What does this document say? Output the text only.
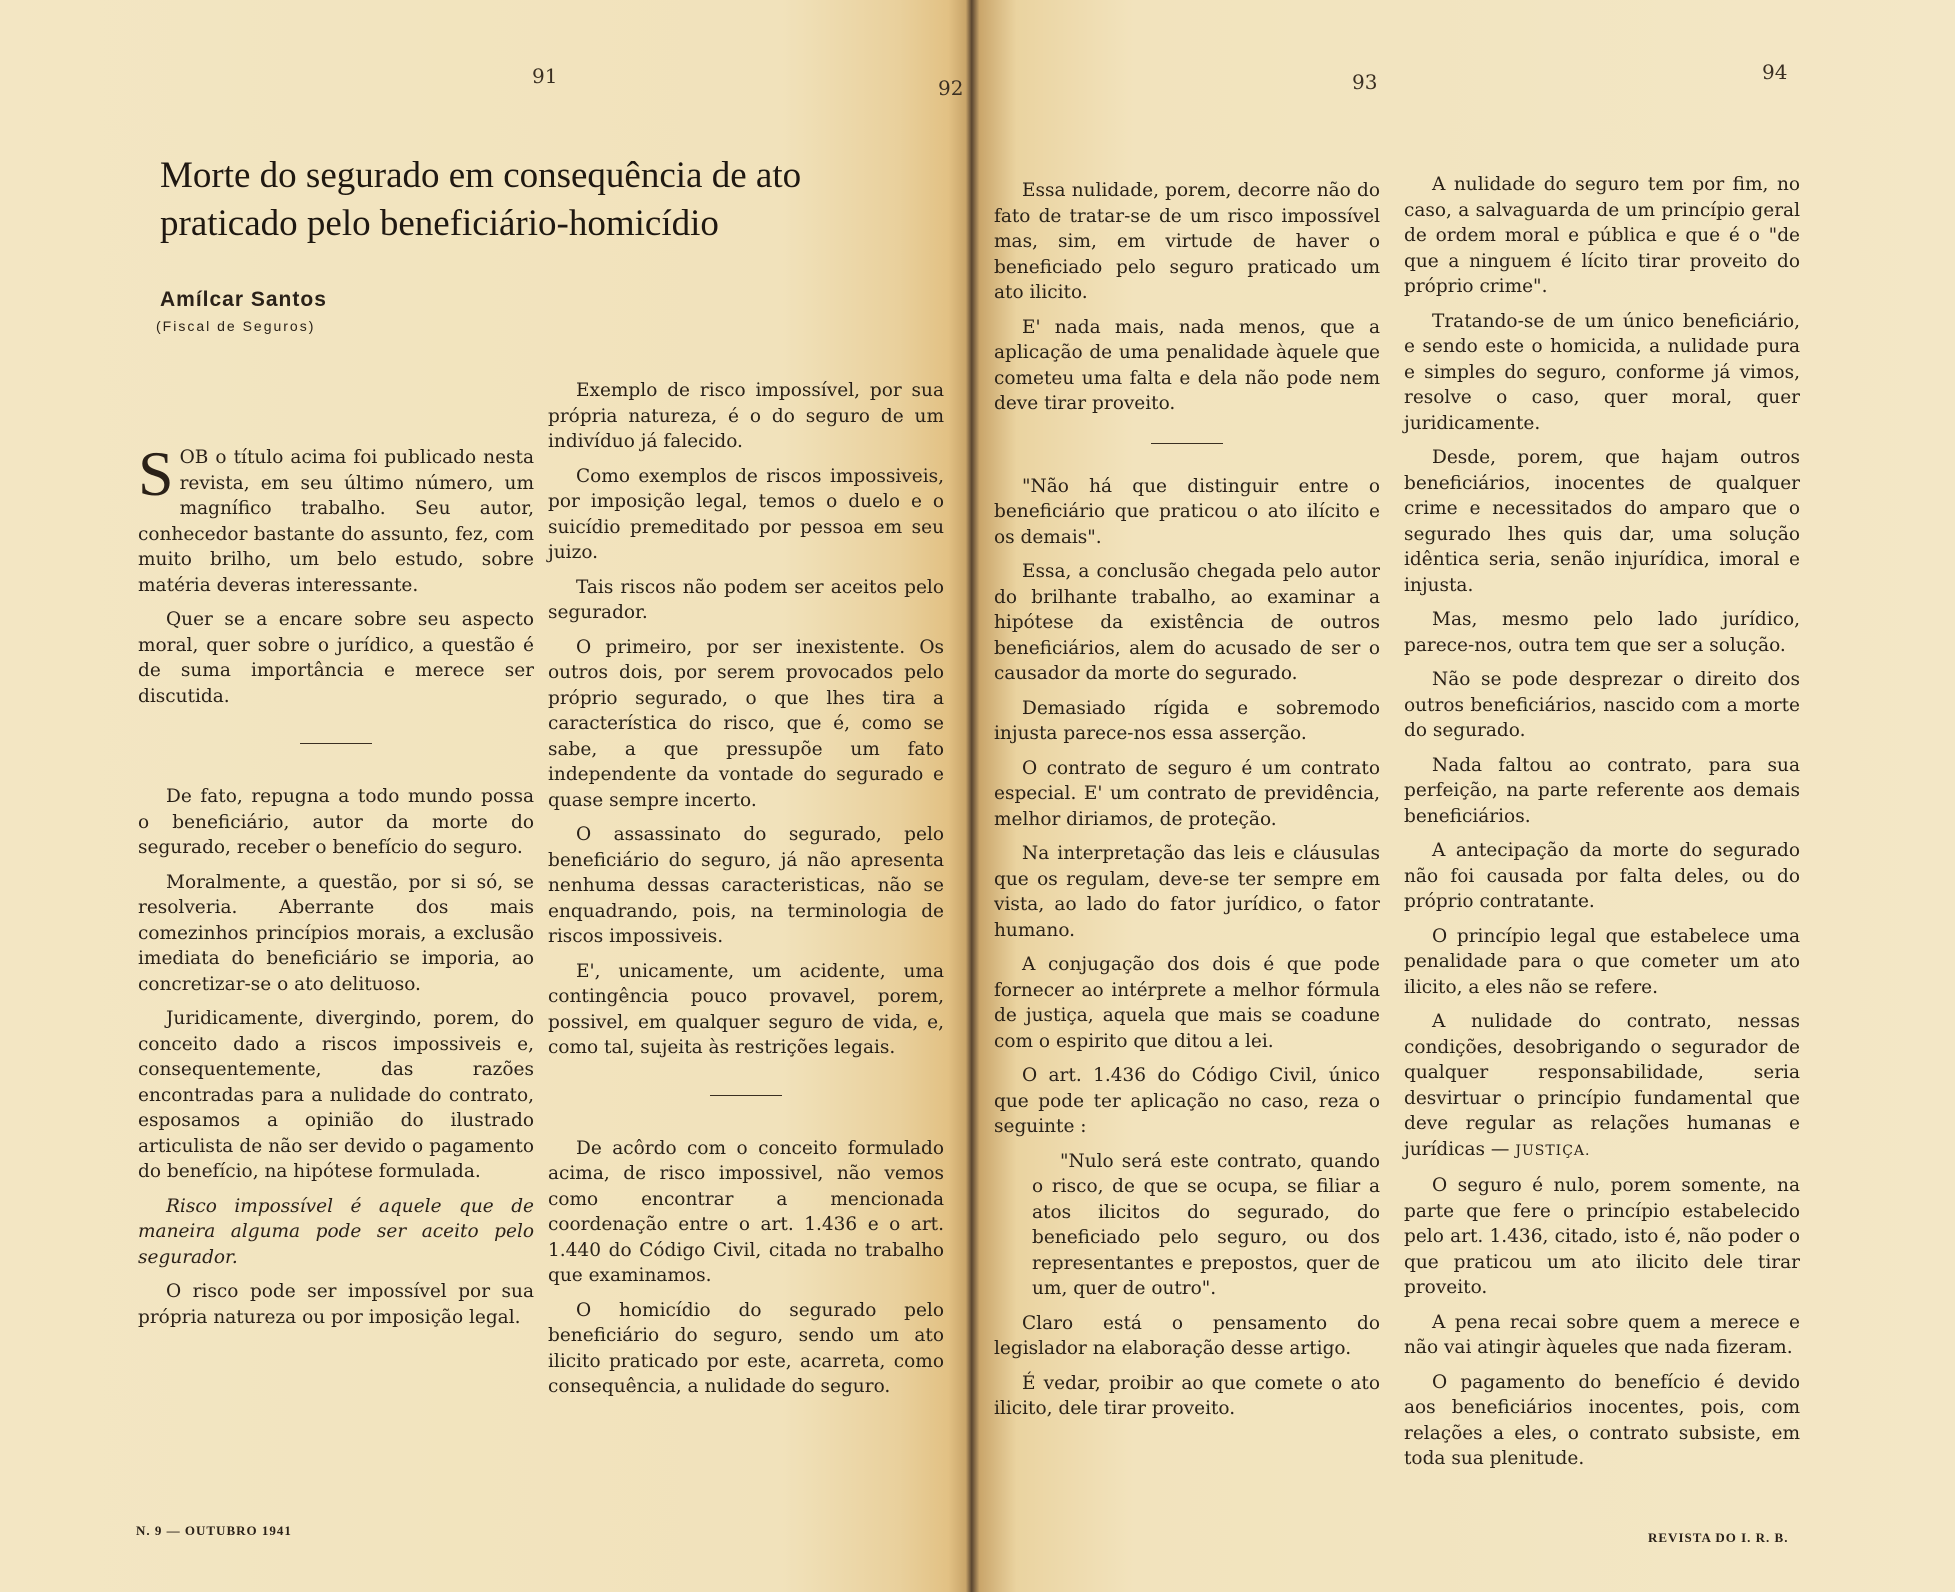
91	92	93	94
Morte do segurado em consequência de ato praticado pelo beneficiário-homicídio
Amílcar Santos
(Fiscal de Seguros)

SOB o título acima foi publicado nesta revista, em seu último número, um magnífico trabalho. Seu autor, conhecedor bastante do assunto, fez, com muito brilho, um belo estudo, sobre matéria deveras interessante.

Quer se a encare sobre seu aspecto moral, quer sobre o jurídico, a questão é de suma importância e merece ser discutida.

De fato, repugna a todo mundo possa o beneficiário, autor da morte do segurado, receber o benefício do seguro.

Moralmente, a questão, por si só, se resolveria. Aberrante dos mais comezinhos princípios morais, a exclusão imediata do beneficiário se imporia, ao concretizar-se o ato delituoso.

Juridicamente, divergindo, porem, do conceito dado a riscos impossiveis e, consequentemente, das razões encontradas para a nulidade do contrato, esposamos a opinião do ilustrado articulista de não ser devido o pagamento do benefício, na hipótese formulada.

Risco impossível é aquele que de maneira alguma pode ser aceito pelo segurador.

O risco pode ser impossível por sua própria natureza ou por imposição legal.

Exemplo de risco impossível, por sua própria natureza, é o do seguro de um indivíduo já falecido.

Como exemplos de riscos impossiveis, por imposição legal, temos o duelo e o suicídio premeditado por pessoa em seu juizo.

Tais riscos não podem ser aceitos pelo segurador.

O primeiro, por ser inexistente. Os outros dois, por serem provocados pelo próprio segurado, o que lhes tira a característica do risco, que é, como se sabe, a que pressupõe um fato independente da vontade do segurado e quase sempre incerto.

O assassinato do segurado, pelo beneficiário do seguro, já não apresenta nenhuma dessas caracteristicas, não se enquadrando, pois, na terminologia de riscos impossiveis.

E', unicamente, um acidente, uma contingência pouco provavel, porem, possivel, em qualquer seguro de vida, e, como tal, sujeita às restrições legais.

De acôrdo com o conceito formulado acima, de risco impossivel, não vemos como encontrar a mencionada coordenação entre o art. 1.436 e o art. 1.440 do Código Civil, citada no trabalho que examinamos.

O homicídio do segurado pelo beneficiário do seguro, sendo um ato ilicito praticado por este, acarreta, como consequência, a nulidade do seguro.

Essa nulidade, porem, decorre não do fato de tratar-se de um risco impossível mas, sim, em virtude de haver o beneficiado pelo seguro praticado um ato ilicito.

E' nada mais, nada menos, que a aplicação de uma penalidade àquele que cometeu uma falta e dela não pode nem deve tirar proveito.

"Não há que distinguir entre o beneficiário que praticou o ato ilícito e os demais".

Essa, a conclusão chegada pelo autor do brilhante trabalho, ao examinar a hipótese da existência de outros beneficiários, alem do acusado de ser o causador da morte do segurado.

Demasiado rígida e sobremodo injusta parece-nos essa asserção.

O contrato de seguro é um contrato especial. E' um contrato de previdência, melhor diriamos, de proteção.

Na interpretação das leis e cláusulas que os regulam, deve-se ter sempre em vista, ao lado do fator jurídico, o fator humano.

A conjugação dos dois é que pode fornecer ao intérprete a melhor fórmula de justiça, aquela que mais se coadune com o espirito que ditou a lei.

O art. 1.436 do Código Civil, único que pode ter aplicação no caso, reza o seguinte :

"Nulo será este contrato, quando o risco, de que se ocupa, se filiar a atos ilicitos do segurado, do beneficiado pelo seguro, ou dos representantes e prepostos, quer de um, quer de outro".

Claro está o pensamento do legislador na elaboração desse artigo.

É vedar, proibir ao que comete o ato ilicito, dele tirar proveito.

A nulidade do seguro tem por fim, no caso, a salvaguarda de um princípio geral de ordem moral e pública e que é o "de que a ninguem é lícito tirar proveito do próprio crime".

Tratando-se de um único beneficiário, e sendo este o homicida, a nulidade pura e simples do seguro, conforme já vimos, resolve o caso, quer moral, quer juridicamente.

Desde, porem, que hajam outros beneficiários, inocentes de qualquer crime e necessitados do amparo que o segurado lhes quis dar, uma solução idêntica seria, senão injurídica, imoral e injusta.

Mas, mesmo pelo lado jurídico, parece-nos, outra tem que ser a solução.

Não se pode desprezar o direito dos outros beneficiários, nascido com a morte do segurado.

Nada faltou ao contrato, para sua perfeição, na parte referente aos demais beneficiários.

A antecipação da morte do segurado não foi causada por falta deles, ou do próprio contratante.

O princípio legal que estabelece uma penalidade para o que cometer um ato ilicito, a eles não se refere.

A nulidade do contrato, nessas condições, desobrigando o segurador de qualquer responsabilidade, seria desvirtuar o princípio fundamental que deve regular as relações humanas e jurídicas — JUSTIÇA.

O seguro é nulo, porem somente, na parte que fere o princípio estabelecido pelo art. 1.436, citado, isto é, não poder o que praticou um ato ilicito dele tirar proveito.

A pena recai sobre quem a merece e não vai atingir àqueles que nada fizeram.

O pagamento do benefício é devido aos beneficiários inocentes, pois, com relações a eles, o contrato subsiste, em toda sua plenitude.

N. 9 — OUTUBRO 1941	REVISTA DO I. R. B.
